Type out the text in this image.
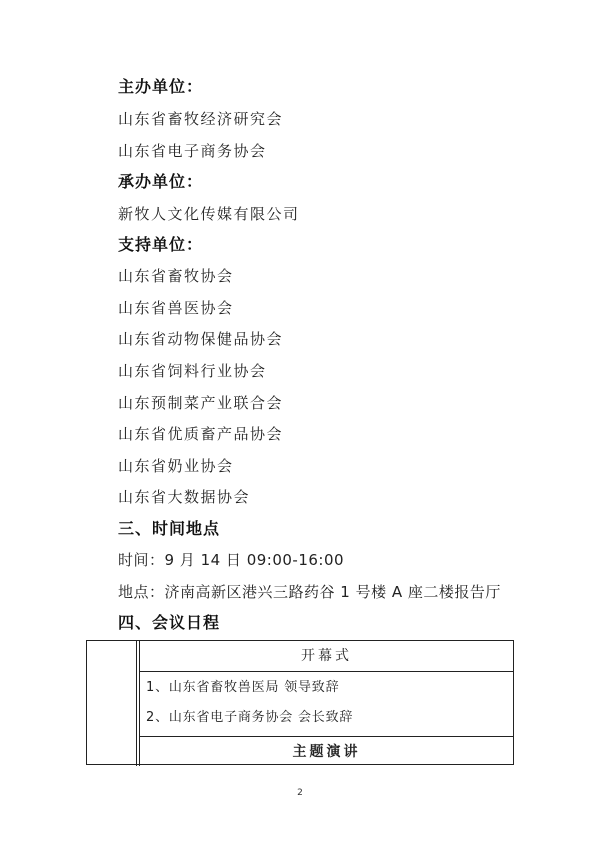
主办单位：
山东省畜牧经济研究会
山东省电子商务协会
承办单位：
新牧人文化传媒有限公司
支持单位：
山东省畜牧协会
山东省兽医协会
山东省动物保健品协会
山东省饲料行业协会
山东预制菜产业联合会
山东省优质畜产品协会
山东省奶业协会
山东省大数据协会
三、时间地点
时间：9 月 14 日 09:00-16:00
地点：济南高新区港兴三路药谷 1 号楼 A 座二楼报告厅
四、会议日程
开幕式
1、山东省畜牧兽医局 领导致辞
2、山东省电子商务协会 会长致辞
主题演讲
2
